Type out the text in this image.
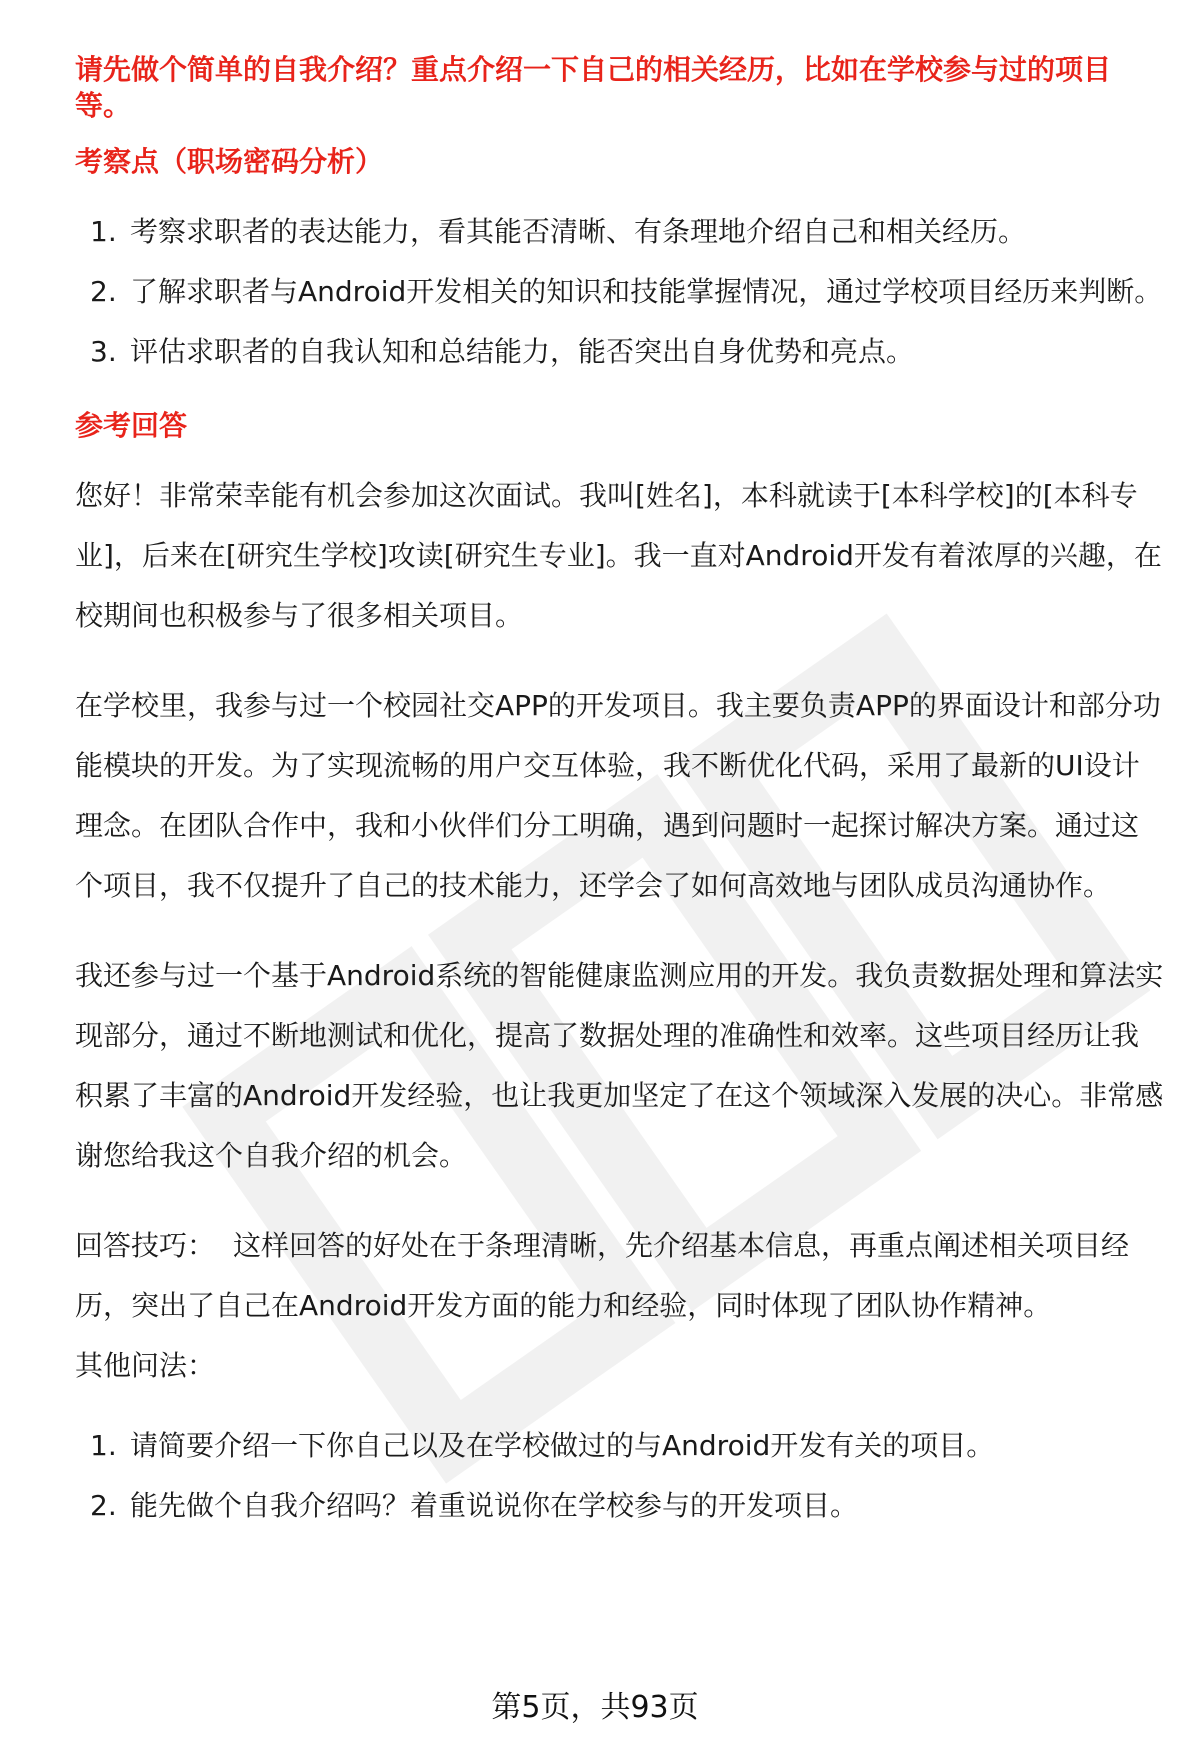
请先做个简单的自我介绍？重点介绍一下自己的相关经历，比如在学校参与过的项目等。
考察点（职场密码分析）
1. 考察求职者的表达能力，看其能否清晰、有条理地介绍自己和相关经历。
2. 了解求职者与Android开发相关的知识和技能掌握情况，通过学校项目经历来判断。
3. 评估求职者的自我认知和总结能力，能否突出自身优势和亮点。
参考回答

您好！非常荣幸能有机会参加这次面试。我叫[姓名]，本科就读于[本科学校]的[本科专业]，后来在[研究生学校]攻读[研究生专业]。我一直对Android开发有着浓厚的兴趣，在校期间也积极参与了很多相关项目。

在学校里，我参与过一个校园社交APP的开发项目。我主要负责APP的界面设计和部分功能模块的开发。为了实现流畅的用户交互体验，我不断优化代码，采用了最新的UI设计理念。在团队合作中，我和小伙伴们分工明确，遇到问题时一起探讨解决方案。通过这个项目，我不仅提升了自己的技术能力，还学会了如何高效地与团队成员沟通协作。

我还参与过一个基于Android系统的智能健康监测应用的开发。我负责数据处理和算法实现部分，通过不断地测试和优化，提高了数据处理的准确性和效率。这些项目经历让我积累了丰富的Android开发经验，也让我更加坚定了在这个领域深入发展的决心。非常感谢您给我这个自我介绍的机会。

回答技巧： 这样回答的好处在于条理清晰，先介绍基本信息，再重点阐述相关项目经历，突出了自己在Android开发方面的能力和经验，同时体现了团队协作精神。

其他问法：

1. 请简要介绍一下你自己以及在学校做过的与Android开发有关的项目。
2. 能先做个自我介绍吗？着重说说你在学校参与的开发项目。
第5页，共93页
